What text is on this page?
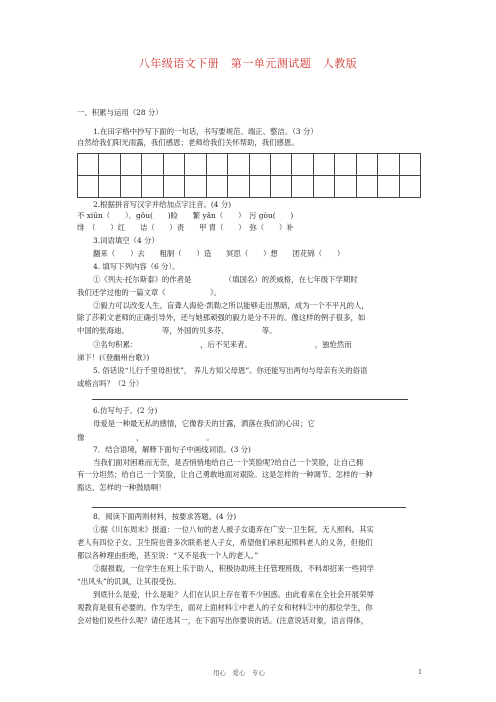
八年级语文下册　第一单元测试题　人教版
一、积累与运用（28 分）
1.在田字格中抄写下面的一句话，书写要规范、端正、整洁。（3 分）
自然给我们阳光雨露，我们感恩；老师给我们关怀帮助，我们感恩。

2.根据拼音写汉字并给加点字注音。(4 分)
不 xiūn（　　）．gǒu(　　)睑　　繁 yǎn（　　）　污 gòu(　　)
绯　（　　）红　　诘（　　）责　　甲 胄（　　）　弥（　　）补
3.词语填空（4 分）
翻来（　　）去　　粗制（　　）造　　冥思（　　）想　　团花锦（　　）
4. 填写下列内容（6 分）。
①《列夫·托尔斯泰》的作者是　　　　　（填国名）的茨威格，在七年级下学期时
我们还学过他的一篇文章《　　　　　　》。
②毅力可以改变人生。盲聋人海伦·凯勒之所以能够走出黑暗，成为一个不平凡的人，
除了莎莉文老师的正确引导外，还与她那顽强的毅力是分不开的。像这样的例子很多，如
中国的张海迪、　　　　　等，外国的贝多芬、　　　　　等。
③名句积累：　　　　　　　　　，后不见来者。　　　　　　　　　，独怆然而
涕下！(《登幽州台歌》)
5. 俗话说“儿行千里母担忧”， 养儿方知父母恩”。你还能写出两句与母亲有关的俗语
或格言吗？（2 分）
6.仿写句子。(2 分)
母爱是一种最无私的感情，它像春天的甘露，洒落在我们的心田；它
像　　　　　　　，　　　　　　　　　。
7．结合语境，解释下面句子中画线词语。(3 分)
当我们面对困难而无奈，是否悄悄地给自己一个笑脸呢?给自己一个笑脸，让自己拥
有一分坦然；给自己一个笑脸，让自己勇敢地面对艰险。这是怎样的一种调节、怎样的一种
豁达、怎样的一种鼓励啊！
8．阅读下面两则材料，按要求答题。(4 分)
①据《川东周末》报道：一位八旬的老人被子女遗弃在广安一卫生院，无人照料。其实
老人有四位子女。卫生院也曾多次联系老人子女，希望他们承担起照料老人的义务，但他们
都以各种理由拒绝，甚至说：“又不是我一个人的老人。”
②据报载，一位学生在班上乐于助人，积极协助班主任管理班级，不料却招来一些同学
“出风头”的讥讽，让其很受伤。
到底什么是爱，什么是耻？人们在认识上存在着不少困惑。由此看来在全社会开展荣辱
观教育是很有必要的。作为学生，面对上面材料①中老人的子女和材料②中的那位学生，你
会对他们说些什么呢？请任选其一，在下面写出你要说的话。(注意说话对象，语言得体，
用心　爱心　专心	1
